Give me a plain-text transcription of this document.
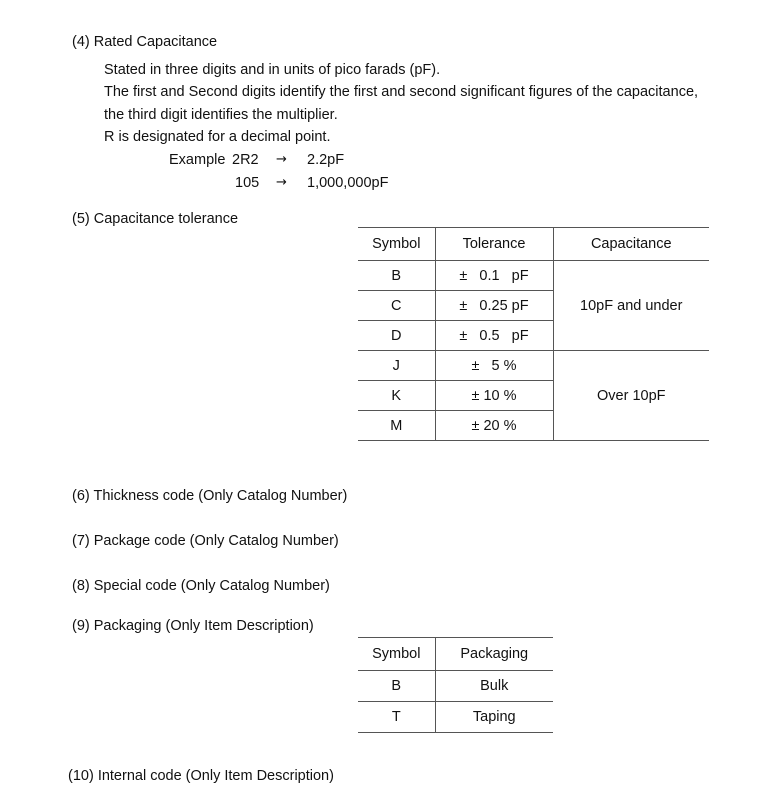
(4) Rated Capacitance
Stated in three digits and in units of pico farads (pF).
The first and Second digits identify the first and second significant figures of the capacitance,
the third digit identifies the multiplier.
R is designated for a decimal point.
Example 2R2 → 2.2pF
105 → 1,000,000pF
(5) Capacitance tolerance
Symbol	Tolerance	Capacitance
B	±   0.1   pF	10pF and under
C	±   0.25 pF	
D	±   0.5   pF	
J	±   5 %	Over 10pF
K	± 10 %	
M	± 20 %	
(6) Thickness code (Only Catalog Number)
(7) Package code (Only Catalog Number)
(8) Special code (Only Catalog Number)
(9) Packaging (Only Item Description)
Symbol	Packaging
B	Bulk
T	Taping
(10) Internal code (Only Item Description)
